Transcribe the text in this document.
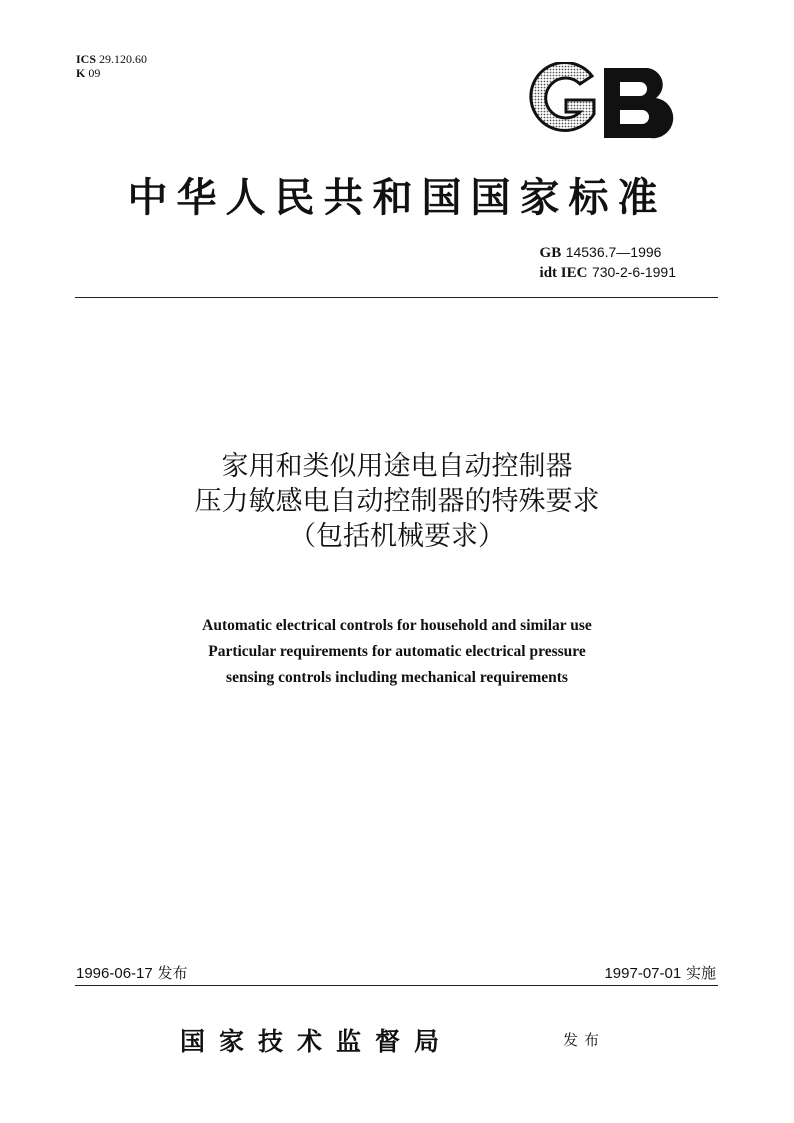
ICS 29.120.60
K 09
中华人民共和国国家标准
GB 14536.7—1996
idt IEC 730-2-6-1991
家用和类似用途电自动控制器
压力敏感电自动控制器的特殊要求
（包括机械要求）
Automatic electrical controls for household and similar use
Particular requirements for automatic electrical pressure
sensing controls including mechanical requirements
1996-06-17 发布	1997-07-01 实施
国家技术监督局	发布
